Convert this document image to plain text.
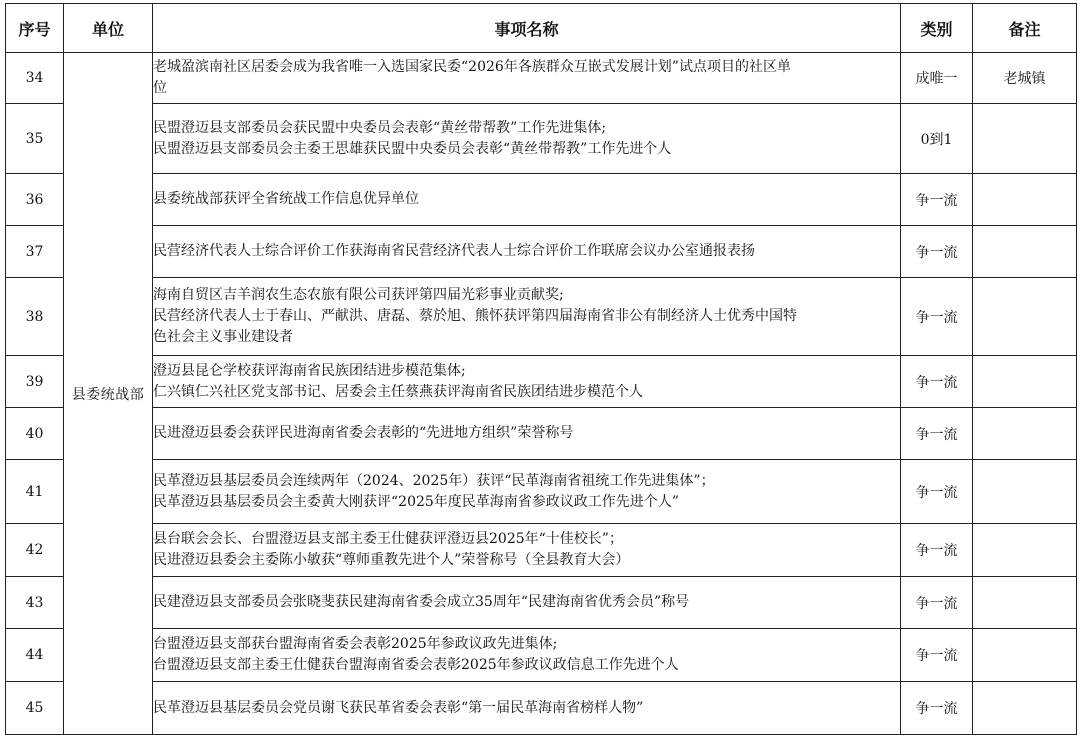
序号	单位	事项名称	类别	备注
34	县委统战部	老城盈滨南社区居委会成为我省唯一入选国家民委“2026年各族群众互嵌式发展计划”试点项目的社区单
位	成唯一	老城镇
35		民盟澄迈县支部委员会获民盟中央委员会表彰“黄丝带帮教”工作先进集体;
民盟澄迈县支部委员会主委王思雄获民盟中央委员会表彰“黄丝带帮教”工作先进个人	0到1	
36		县委统战部获评全省统战工作信息优异单位	争一流	
37		民营经济代表人士综合评价工作获海南省民营经济代表人士综合评价工作联席会议办公室通报表扬	争一流	
38		海南自贸区吉羊润农生态农旅有限公司获评第四届光彩事业贡献奖;
民营经济代表人士于春山、严献洪、唐磊、蔡於旭、熊怀获评第四届海南省非公有制经济人士优秀中国特
色社会主义事业建设者	争一流	
39		澄迈县昆仑学校获评海南省民族团结进步模范集体;
仁兴镇仁兴社区党支部书记、居委会主任蔡燕获评海南省民族团结进步模范个人	争一流	
40		民进澄迈县委会获评民进海南省委会表彰的“先进地方组织”荣誉称号	争一流	
41		民革澄迈县基层委员会连续两年（2024、2025年）获评“民革海南省祖统工作先进集体”；
民革澄迈县基层委员会主委黄大刚获评“2025年度民革海南省参政议政工作先进个人”	争一流	
42		县台联会会长、台盟澄迈县支部主委王仕健获评澄迈县2025年“十佳校长”；
民进澄迈县委会主委陈小敏获“尊师重教先进个人”荣誉称号（全县教育大会）	争一流	
43		民建澄迈县支部委员会张晓斐获民建海南省委会成立35周年“民建海南省优秀会员”称号	争一流	
44		台盟澄迈县支部获台盟海南省委会表彰2025年参政议政先进集体;
台盟澄迈县支部主委王仕健获台盟海南省委会表彰2025年参政议政信息工作先进个人	争一流	
45		民革澄迈县基层委员会党员谢飞获民革省委会表彰“第一届民革海南省榜样人物”	争一流	
